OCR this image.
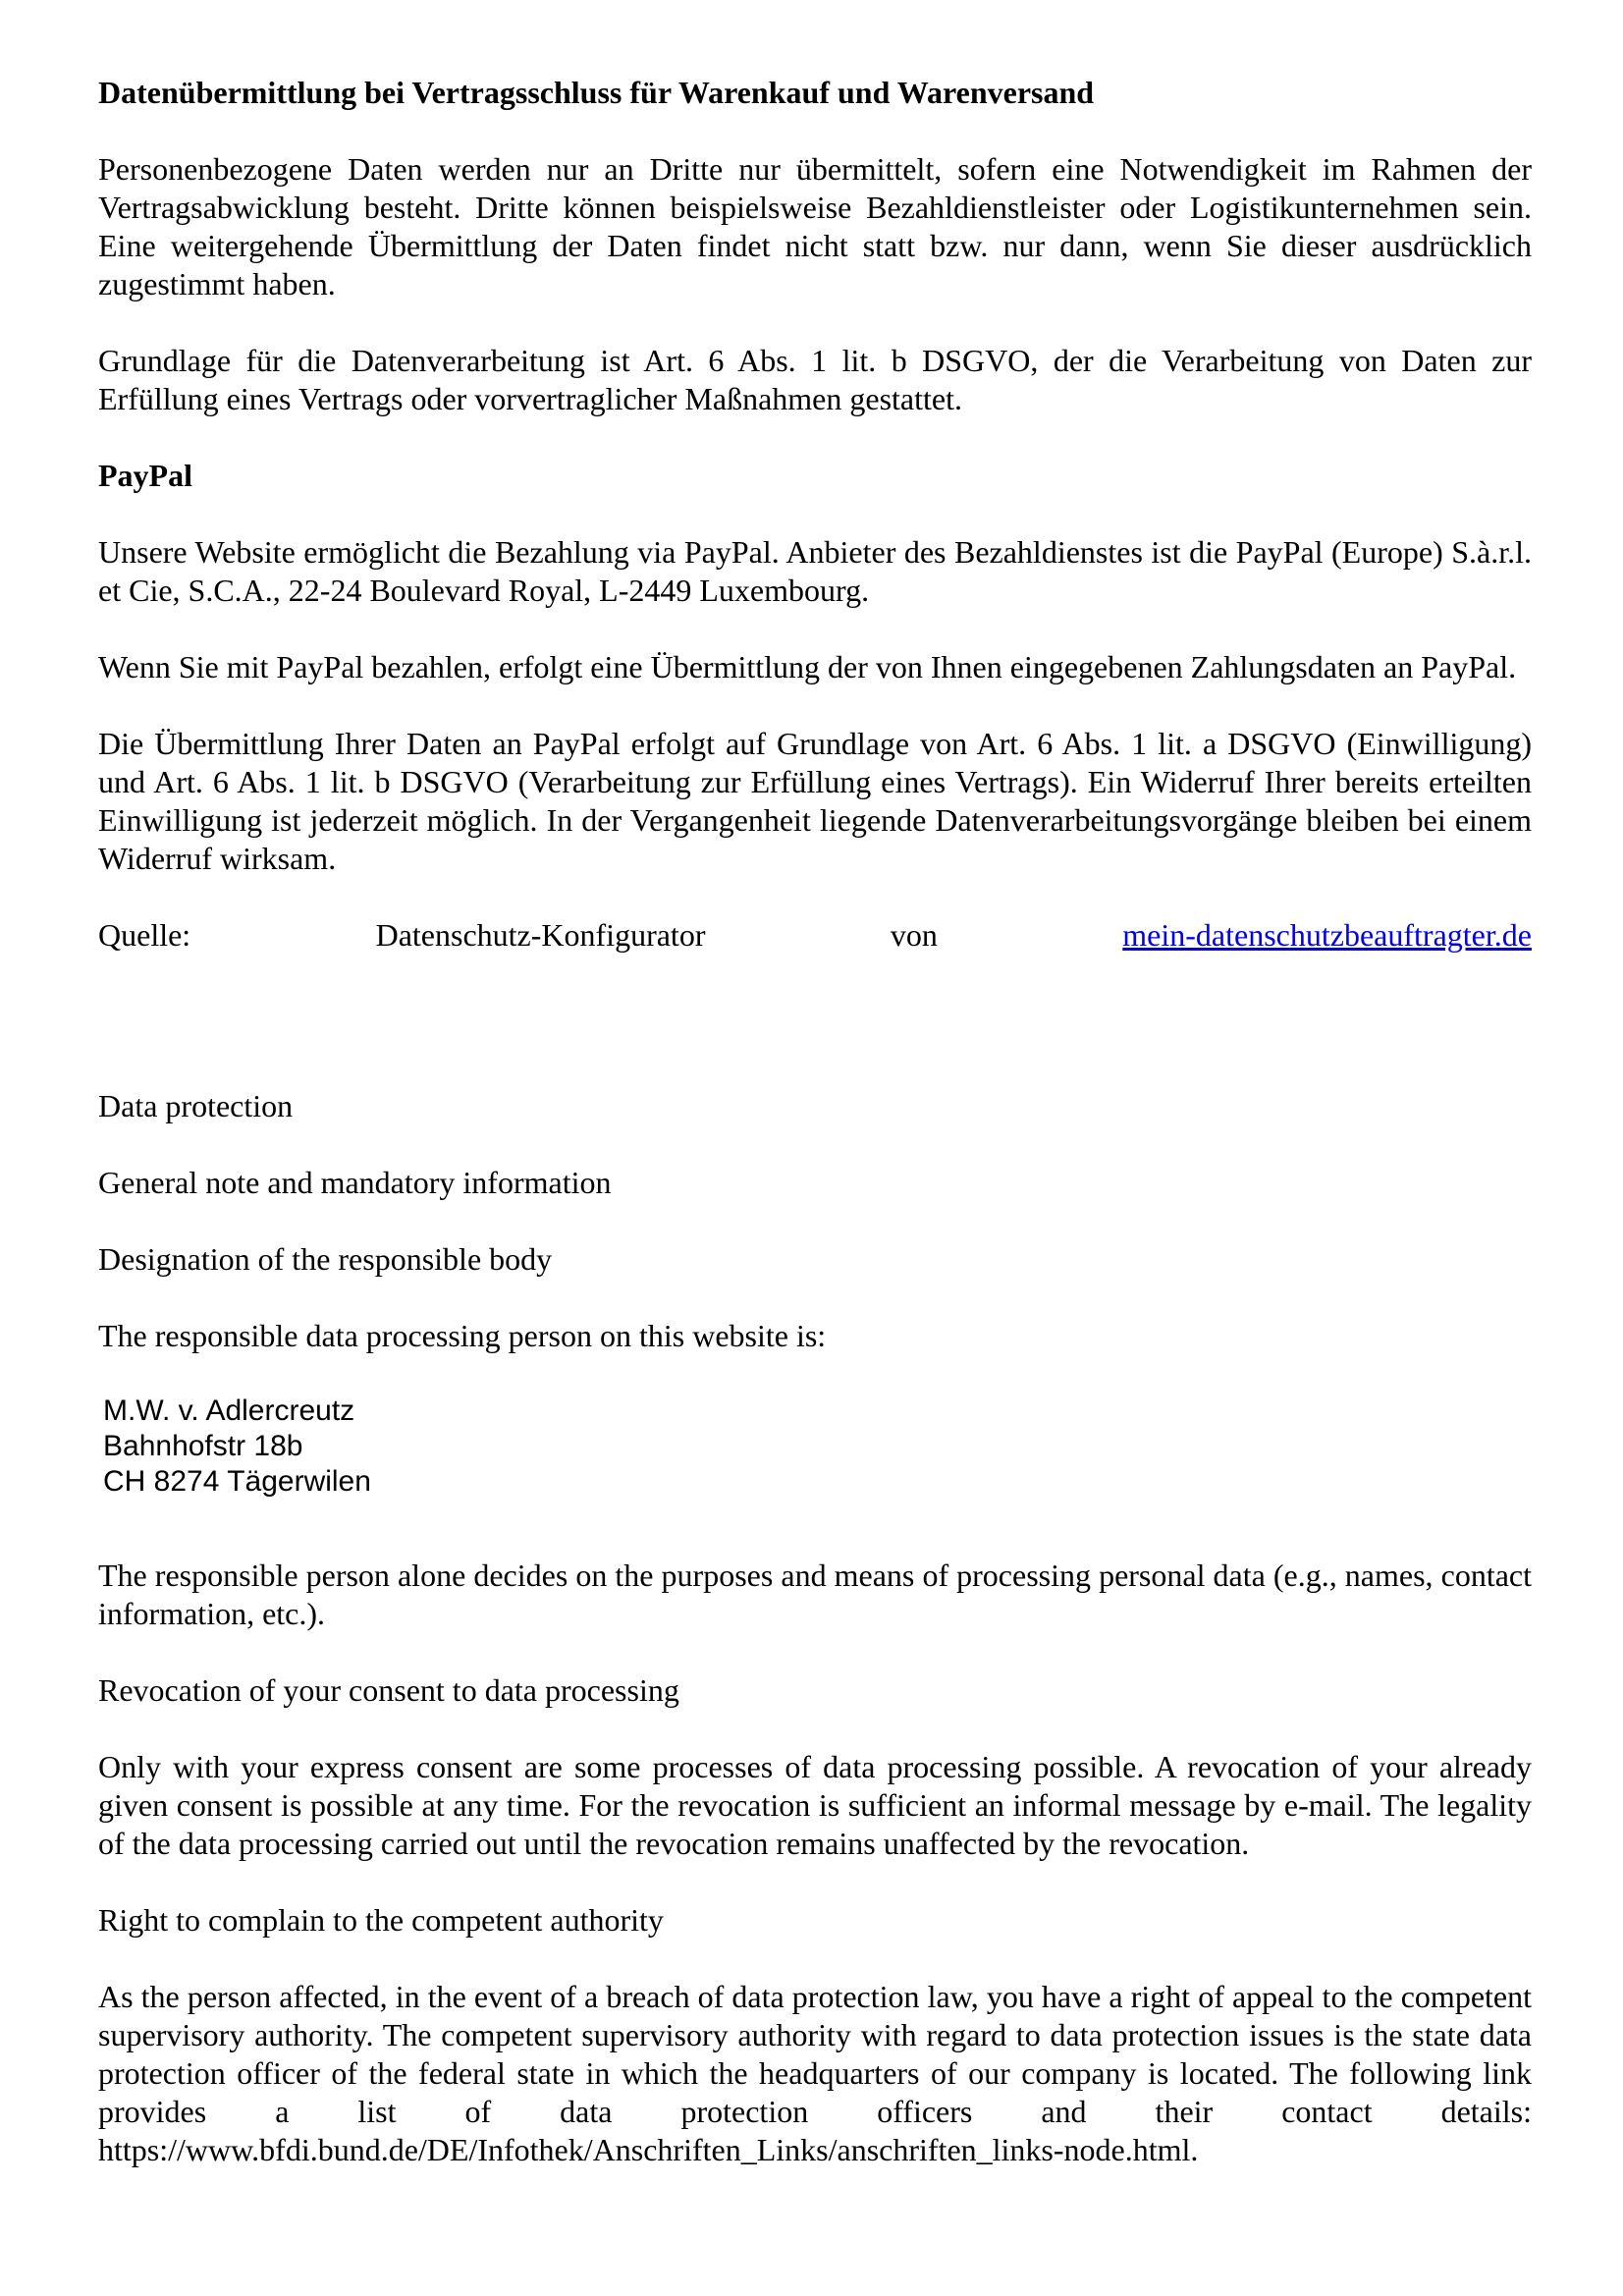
Datenübermittlung bei Vertragsschluss für Warenkauf und Warenversand

Personenbezogene Daten werden nur an Dritte nur übermittelt, sofern eine Notwendigkeit im Rahmen der Vertragsabwicklung besteht. Dritte können beispielsweise Bezahldienstleister oder Logistikunternehmen sein. Eine weitergehende Übermittlung der Daten findet nicht statt bzw. nur dann, wenn Sie dieser ausdrücklich zugestimmt haben.

Grundlage für die Datenverarbeitung ist Art. 6 Abs. 1 lit. b DSGVO, der die Verarbeitung von Daten zur Erfüllung eines Vertrags oder vorvertraglicher Maßnahmen gestattet.

PayPal

Unsere Website ermöglicht die Bezahlung via PayPal. Anbieter des Bezahldienstes ist die PayPal (Europe) S.à.r.l. et Cie, S.C.A., 22-24 Boulevard Royal, L-2449 Luxembourg.

Wenn Sie mit PayPal bezahlen, erfolgt eine Übermittlung der von Ihnen eingegebenen Zahlungsdaten an PayPal.

Die Übermittlung Ihrer Daten an PayPal erfolgt auf Grundlage von Art. 6 Abs. 1 lit. a DSGVO (Einwilligung) und Art. 6 Abs. 1 lit. b DSGVO (Verarbeitung zur Erfüllung eines Vertrags). Ein Widerruf Ihrer bereits erteilten Einwilligung ist jederzeit möglich. In der Vergangenheit liegende Datenverarbeitungsvorgänge bleiben bei einem Widerruf wirksam.

Quelle:	Datenschutz-Konfigurator	von	mein-datenschutzbeauftragter.de
Data protection
General note and mandatory information
Designation of the responsible body
The responsible data processing person on this website is:
M.W. v. Adlercreutz
Bahnhofstr 18b
CH 8274 Tägerwilen

The responsible person alone decides on the purposes and means of processing personal data (e.g., names, contact information, etc.).

Revocation of your consent to data processing

Only with your express consent are some processes of data processing possible. A revocation of your already given consent is possible at any time. For the revocation is sufficient an informal message by e-mail. The legality of the data processing carried out until the revocation remains unaffected by the revocation.

Right to complain to the competent authority

As the person affected, in the event of a breach of data protection law, you have a right of appeal to the competent supervisory authority. The competent supervisory authority with regard to data protection issues is the state data protection officer of the federal state in which the headquarters of our company is located. The following link provides a list of data protection officers and their contact details: https://www.bfdi.bund.de/DE/Infothek/Anschriften_Links/anschriften_links-node.html.
